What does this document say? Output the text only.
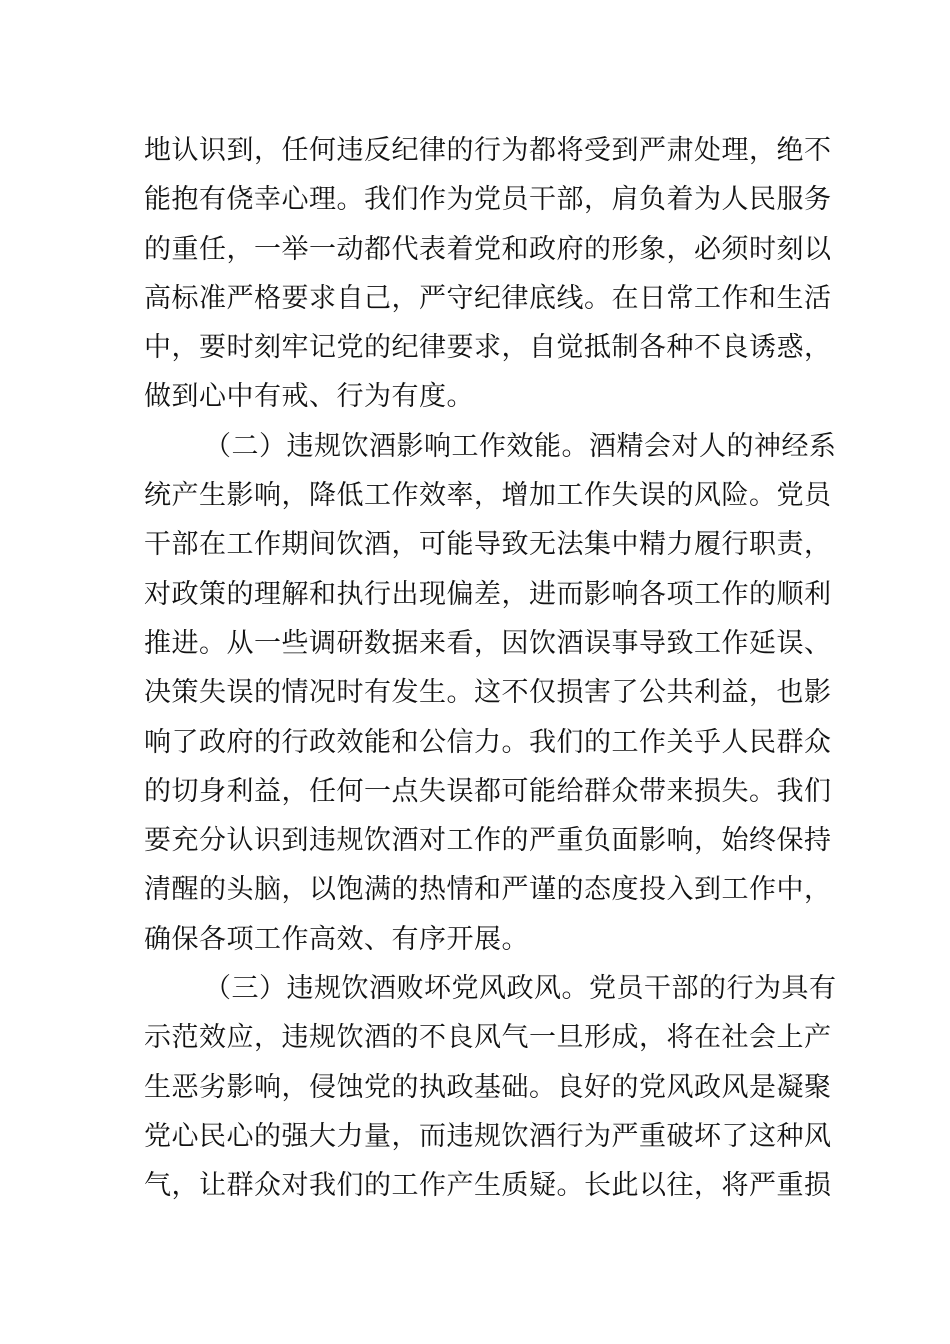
地认识到，任何违反纪律的行为都将受到严肃处理，绝不
能抱有侥幸心理。我们作为党员干部，肩负着为人民服务
的重任，一举一动都代表着党和政府的形象，必须时刻以
高标准严格要求自己，严守纪律底线。在日常工作和生活
中，要时刻牢记党的纪律要求，自觉抵制各种不良诱惑，
做到心中有戒、行为有度。
（二）违规饮酒影响工作效能。酒精会对人的神经系
统产生影响，降低工作效率，增加工作失误的风险。党员
干部在工作期间饮酒，可能导致无法集中精力履行职责，
对政策的理解和执行出现偏差，进而影响各项工作的顺利
推进。从一些调研数据来看，因饮酒误事导致工作延误、
决策失误的情况时有发生。这不仅损害了公共利益，也影
响了政府的行政效能和公信力。我们的工作关乎人民群众
的切身利益，任何一点失误都可能给群众带来损失。我们
要充分认识到违规饮酒对工作的严重负面影响，始终保持
清醒的头脑，以饱满的热情和严谨的态度投入到工作中，
确保各项工作高效、有序开展。
（三）违规饮酒败坏党风政风。党员干部的行为具有
示范效应，违规饮酒的不良风气一旦形成，将在社会上产
生恶劣影响，侵蚀党的执政基础。良好的党风政风是凝聚
党心民心的强大力量，而违规饮酒行为严重破坏了这种风
气，让群众对我们的工作产生质疑。长此以往，将严重损
